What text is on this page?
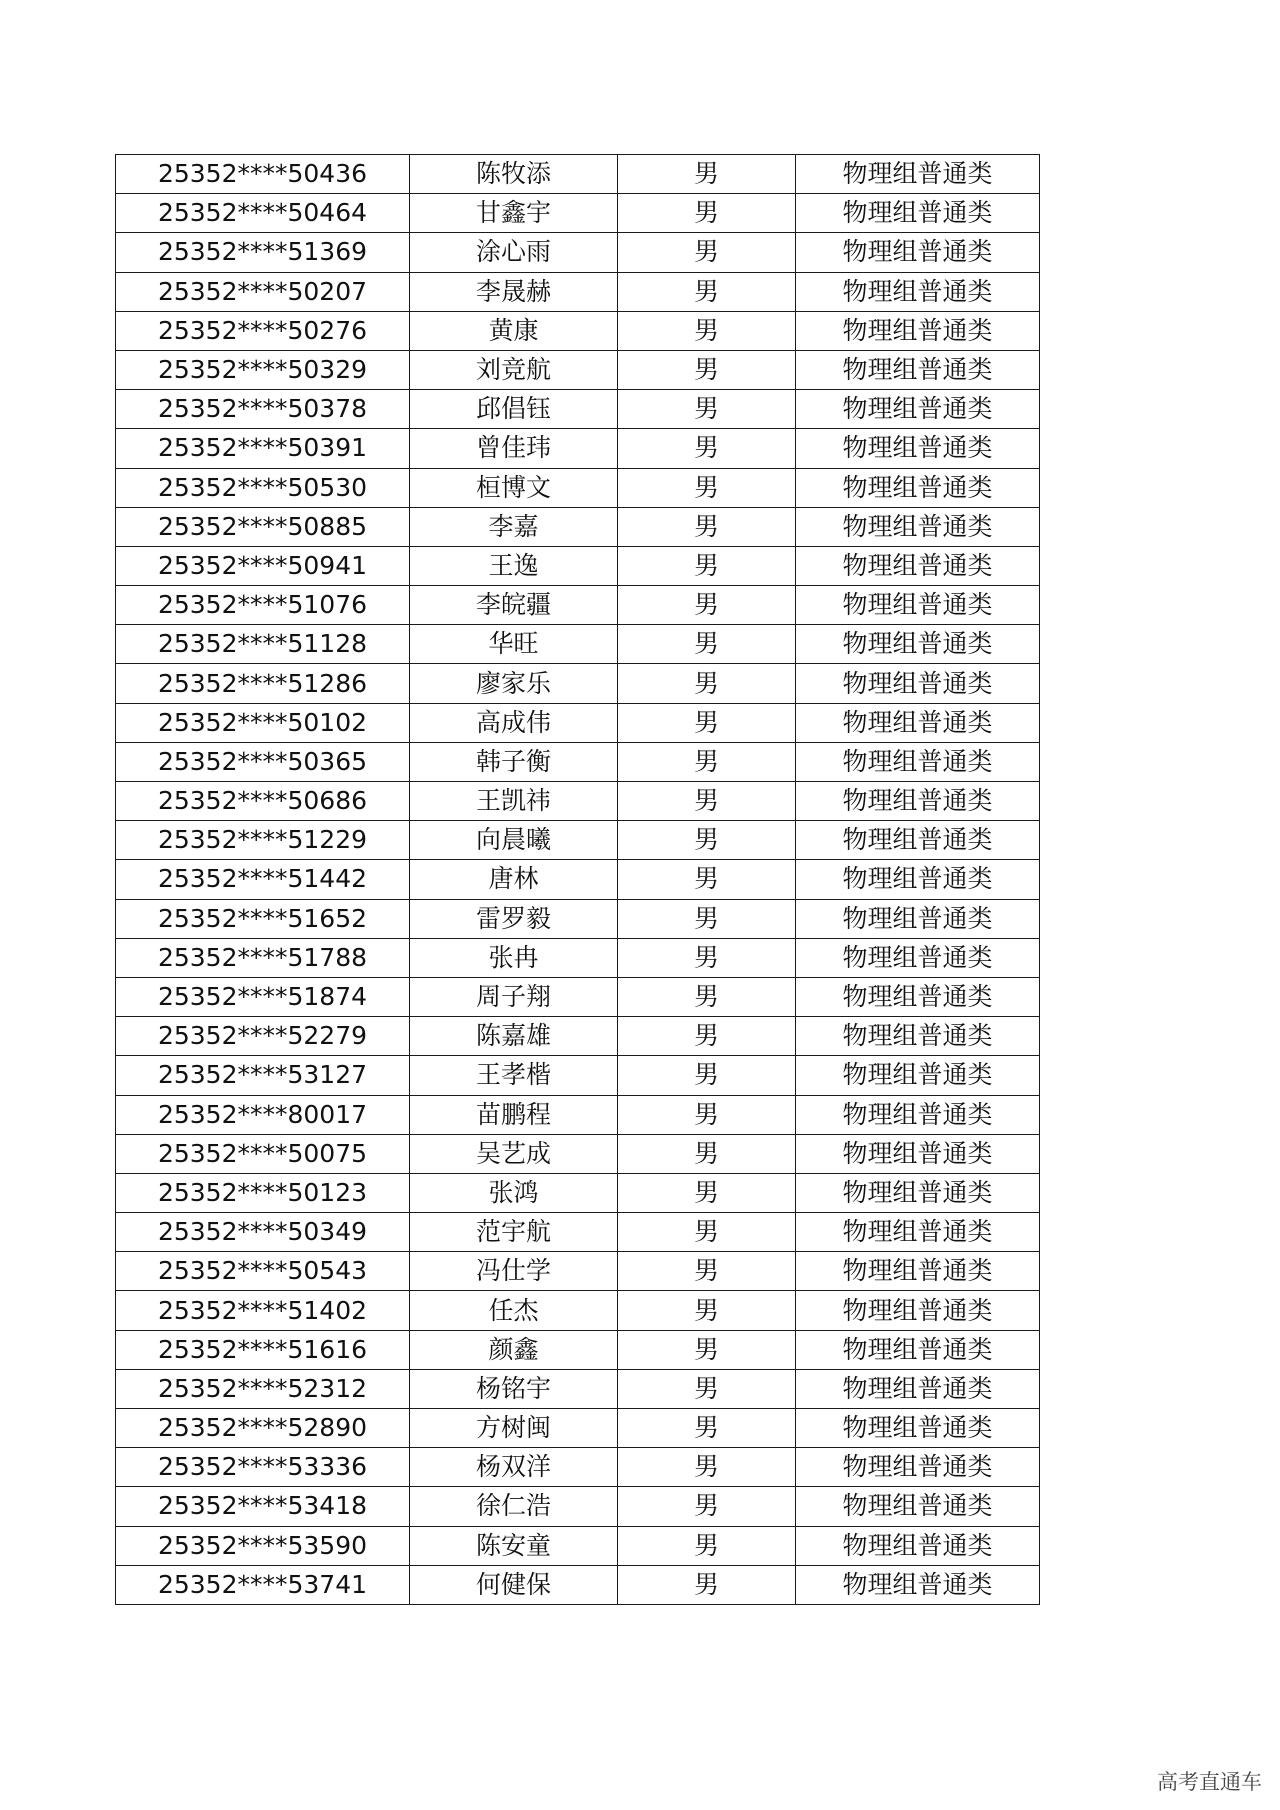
25352****50436	陈牧添	男	物理组普通类
25352****50464	甘鑫宇	男	物理组普通类
25352****51369	涂心雨	男	物理组普通类
25352****50207	李晟赫	男	物理组普通类
25352****50276	黄康	男	物理组普通类
25352****50329	刘竞航	男	物理组普通类
25352****50378	邱倡钰	男	物理组普通类
25352****50391	曾佳玮	男	物理组普通类
25352****50530	桓博文	男	物理组普通类
25352****50885	李嘉	男	物理组普通类
25352****50941	王逸	男	物理组普通类
25352****51076	李皖疆	男	物理组普通类
25352****51128	华旺	男	物理组普通类
25352****51286	廖家乐	男	物理组普通类
25352****50102	高成伟	男	物理组普通类
25352****50365	韩子衡	男	物理组普通类
25352****50686	王凯祎	男	物理组普通类
25352****51229	向晨曦	男	物理组普通类
25352****51442	唐林	男	物理组普通类
25352****51652	雷罗毅	男	物理组普通类
25352****51788	张冉	男	物理组普通类
25352****51874	周子翔	男	物理组普通类
25352****52279	陈嘉雄	男	物理组普通类
25352****53127	王孝楷	男	物理组普通类
25352****80017	苗鹏程	男	物理组普通类
25352****50075	吴艺成	男	物理组普通类
25352****50123	张鸿	男	物理组普通类
25352****50349	范宇航	男	物理组普通类
25352****50543	冯仕学	男	物理组普通类
25352****51402	任杰	男	物理组普通类
25352****51616	颜鑫	男	物理组普通类
25352****52312	杨铭宇	男	物理组普通类
25352****52890	方树闽	男	物理组普通类
25352****53336	杨双洋	男	物理组普通类
25352****53418	徐仁浩	男	物理组普通类
25352****53590	陈安童	男	物理组普通类
25352****53741	何健保	男	物理组普通类
高考直通车
